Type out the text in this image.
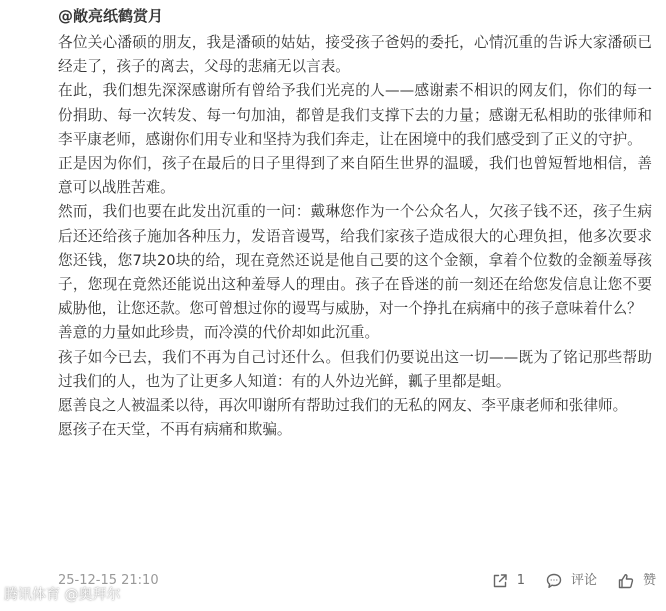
@敞亮纸鹤赏月

各位关心潘硕的朋友，我是潘硕的姑姑，接受孩子爸妈的委托，心情沉重的告诉大家潘硕已经走了，孩子的离去，父母的悲痛无以言表。

在此，我们想先深深感谢所有曾给予我们光亮的人——感谢素不相识的网友们，你们的每一份捐助、每一次转发、每一句加油，都曾是我们支撑下去的力量；感谢无私相助的张律师和李平康老师，感谢你们用专业和坚持为我们奔走，让在困境中的我们感受到了正义的守护。

正是因为你们，孩子在最后的日子里得到了来自陌生世界的温暖，我们也曾短暂地相信，善意可以战胜苦难。

然而，我们也要在此发出沉重的一问：戴琳您作为一个公众名人，欠孩子钱不还，孩子生病后还还给孩子施加各种压力，发语音谩骂，给我们家孩子造成很大的心理负担，他多次要求您还钱，您7块20块的给，现在竟然还说是他自己要的这个金额，拿着个位数的金额羞辱孩子，您现在竟然还能说出这种羞辱人的理由。孩子在昏迷的前一刻还在给您发信息让您不要威胁他，让您还款。您可曾想过你的谩骂与威胁，对一个挣扎在病痛中的孩子意味着什么？

善意的力量如此珍贵，而冷漠的代价却如此沉重。

孩子如今已去，我们不再为自己讨还什么。但我们仍要说出这一切——既为了铭记那些帮助过我们的人，也为了让更多人知道：有的人外边光鲜，瓤子里都是蛆。

愿善良之人被温柔以待，再次叩谢所有帮助过我们的无私的网友、李平康老师和张律师。

愿孩子在天堂，不再有病痛和欺骗。

25-12-15 21:10	1	评论	赞
腾讯体育 @奥拜尔
